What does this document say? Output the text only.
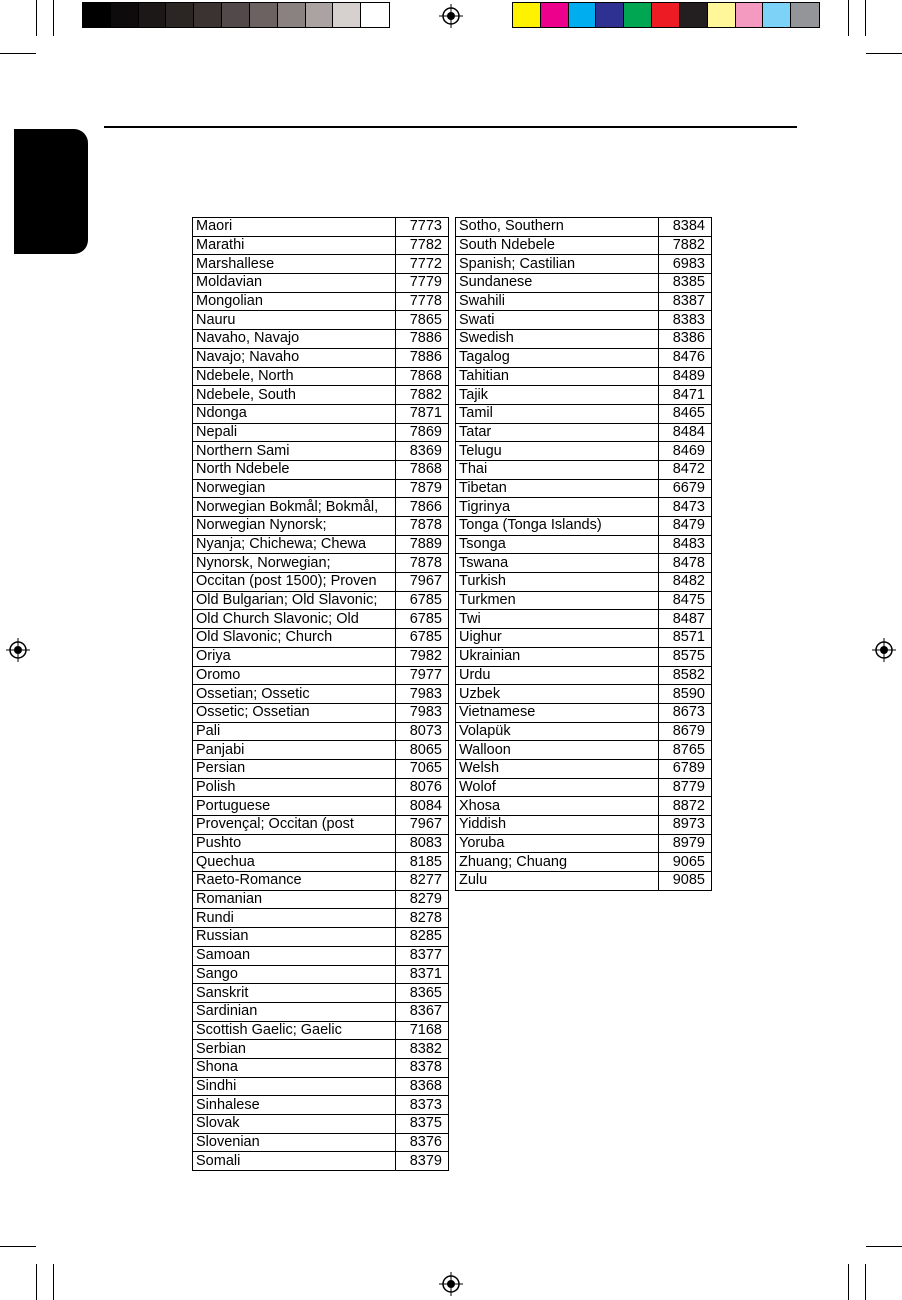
Maori	7773
Marathi	7782
Marshallese	7772
Moldavian	7779
Mongolian	7778
Nauru	7865
Navaho, Navajo	7886
Navajo; Navaho	7886
Ndebele, North	7868
Ndebele, South	7882
Ndonga	7871
Nepali	7869
Northern Sami	8369
North Ndebele	7868
Norwegian	7879
Norwegian Bokmål; Bokmål,	7866
Norwegian Nynorsk;	7878
Nyanja; Chichewa; Chewa	7889
Nynorsk, Norwegian;	7878
Occitan (post 1500); Proven	7967
Old Bulgarian; Old Slavonic;	6785
Old Church Slavonic; Old	6785
Old Slavonic; Church	6785
Oriya	7982
Oromo	7977
Ossetian; Ossetic	7983
Ossetic; Ossetian	7983
Pali	8073
Panjabi	8065
Persian	7065
Polish	8076
Portuguese	8084
Provençal; Occitan (post	7967
Pushto	8083
Quechua	8185
Raeto-Romance	8277
Romanian	8279
Rundi	8278
Russian	8285
Samoan	8377
Sango	8371
Sanskrit	8365
Sardinian	8367
Scottish Gaelic; Gaelic	7168
Serbian	8382
Shona	8378
Sindhi	8368
Sinhalese	8373
Slovak	8375
Slovenian	8376
Somali	8379
Sotho, Southern	8384
South Ndebele	7882
Spanish; Castilian	6983
Sundanese	8385
Swahili	8387
Swati	8383
Swedish	8386
Tagalog	8476
Tahitian	8489
Tajik	8471
Tamil	8465
Tatar	8484
Telugu	8469
Thai	8472
Tibetan	6679
Tigrinya	8473
Tonga (Tonga Islands)	8479
Tsonga	8483
Tswana	8478
Turkish	8482
Turkmen	8475
Twi	8487
Uighur	8571
Ukrainian	8575
Urdu	8582
Uzbek	8590
Vietnamese	8673
Volapük	8679
Walloon	8765
Welsh	6789
Wolof	8779
Xhosa	8872
Yiddish	8973
Yoruba	8979
Zhuang; Chuang	9065
Zulu	9085
